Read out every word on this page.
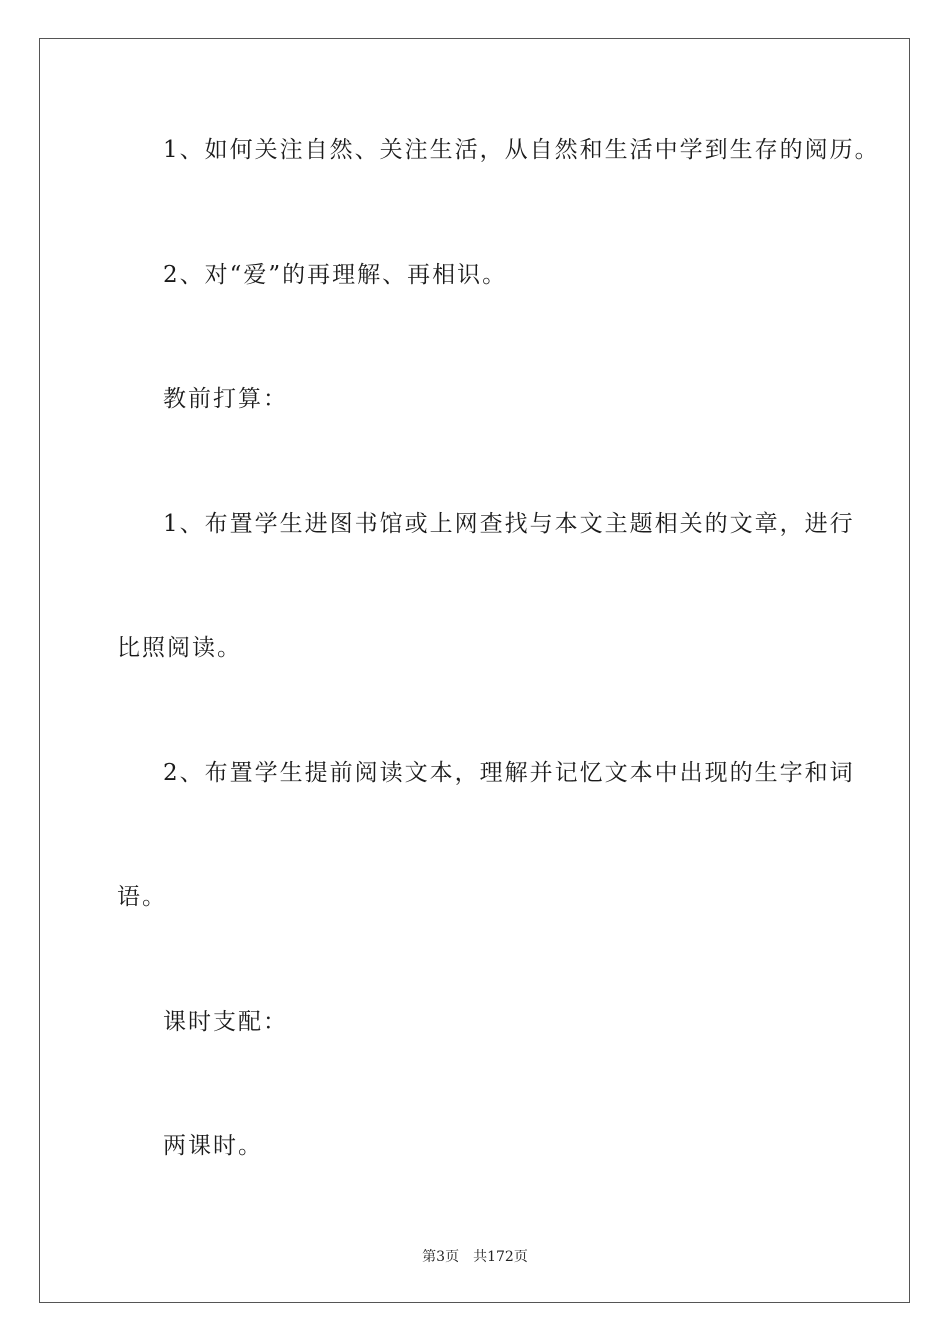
1、如何关注自然、关注生活，从自然和生活中学到生存的阅历。
2、对“爱”的再理解、再相识。
教前打算：
1、布置学生进图书馆或上网查找与本文主题相关的文章，进行
比照阅读。
2、布置学生提前阅读文本，理解并记忆文本中出现的生字和词
语。
课时支配：
两课时。
第3页 共172页
